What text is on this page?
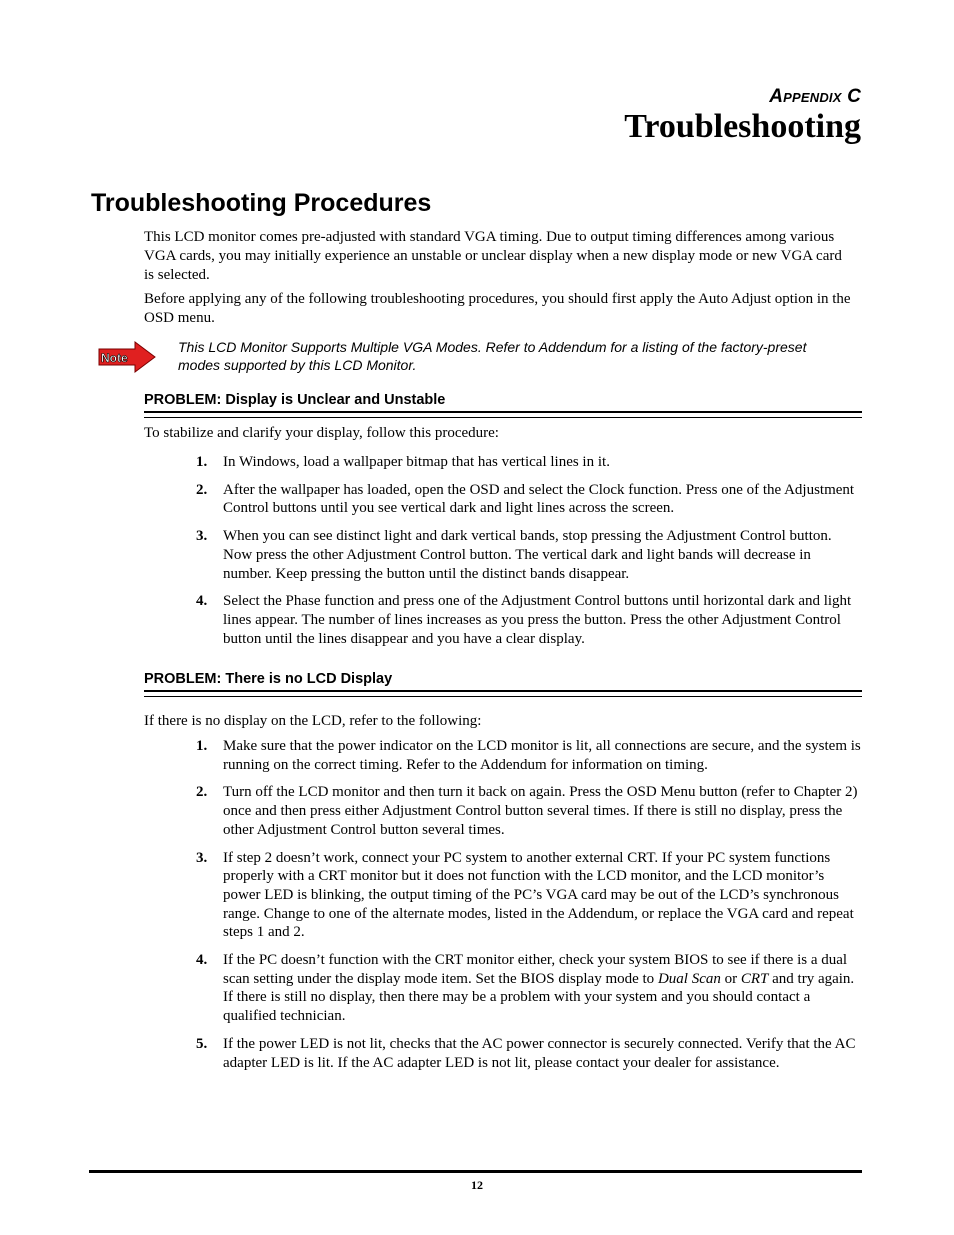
Appendix C

Troubleshooting
Troubleshooting Procedures

This LCD monitor comes pre-adjusted with standard VGA timing. Due to output timing differences among various VGA cards, you may initially experience an unstable or unclear display when a new display mode or new VGA card is selected.

Before applying any of the following troubleshooting procedures, you should first apply the Auto Adjust option in the OSD menu.

Note

This LCD Monitor Supports Multiple VGA Modes. Refer to Addendum for a listing of the factory-preset modes supported by this LCD Monitor.

PROBLEM: Display is Unclear and Unstable

To stabilize and clarify your display, follow this procedure:

1.	In Windows, load a wallpaper bitmap that has vertical lines in it.
2.	After the wallpaper has loaded, open the OSD and select the Clock function. Press one of the Adjustment Control buttons until you see vertical dark and light lines across the screen.
3.	When you can see distinct light and dark vertical bands, stop pressing the Adjustment Control button. Now press the other Adjustment Control button. The vertical dark and light bands will decrease in number. Keep pressing the button until the distinct bands disappear.
4.	Select the Phase function and press one of the Adjustment Control buttons until horizontal dark and light lines appear. The number of lines increases as you press the button. Press the other Adjustment Control button until the lines disappear and you have a clear display.

PROBLEM: There is no LCD Display

If there is no display on the LCD, refer to the following:

1.	Make sure that the power indicator on the LCD monitor is lit, all connections are secure, and the system is running on the correct timing. Refer to the Addendum for information on timing.
2.	Turn off the LCD monitor and then turn it back on again. Press the OSD Menu button (refer to Chapter 2) once and then press either Adjustment Control button several times. If there is still no display, press the other Adjustment Control button several times.
3.	If step 2 doesn’t work, connect your PC system to another external CRT. If your PC system functions properly with a CRT monitor but it does not function with the LCD monitor, and the LCD monitor’s power LED is blinking, the output timing of the PC’s VGA card may be out of the LCD’s synchronous range. Change to one of the alternate modes, listed in the Addendum, or replace the VGA card and repeat steps 1 and 2.
4.	If the PC doesn’t function with the CRT monitor either, check your system BIOS to see if there is a dual scan setting under the display mode item. Set the BIOS display mode to Dual Scan or CRT and try again. If there is still no display, then there may be a problem with your system and you should contact a qualified technician.
5.	If the power LED is not lit, checks that the AC power connector is securely connected. Verify that the AC adapter LED is lit. If the AC adapter LED is not lit, please contact your dealer for assistance.

12
